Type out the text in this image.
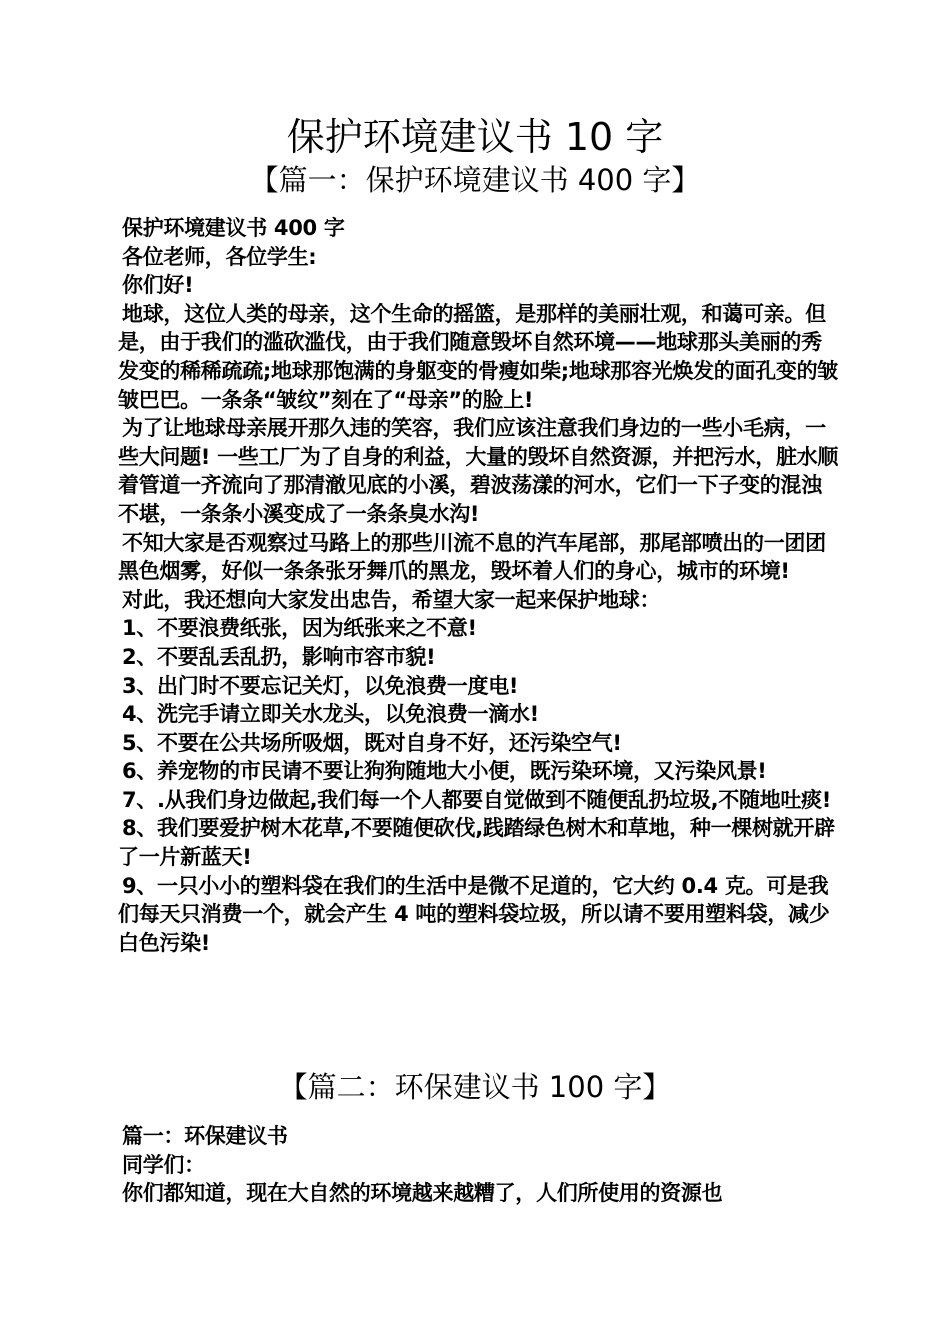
保护环境建议书 10 字
【篇一：保护环境建议书 400 字】

保护环境建议书 400 字

各位老师，各位学生:

你们好!

地球，这位人类的母亲，这个生命的摇篮，是那样的美丽壮观，和蔼可亲。但是，由于我们的滥砍滥伐，由于我们随意毁坏自然环境——地球那头美丽的秀发变的稀稀疏疏;地球那饱满的身躯变的骨瘦如柴;地球那容光焕发的面孔变的皱皱巴巴。一条条“皱纹”刻在了“母亲”的脸上!

为了让地球母亲展开那久违的笑容，我们应该注意我们身边的一些小毛病，一些大问题! 一些工厂为了自身的利益，大量的毁坏自然资源，并把污水，脏水顺着管道一齐流向了那清澈见底的小溪，碧波荡漾的河水，它们一下子变的混浊不堪，一条条小溪变成了一条条臭水沟!

不知大家是否观察过马路上的那些川流不息的汽车尾部，那尾部喷出的一团团黑色烟雾，好似一条条张牙舞爪的黑龙，毁坏着人们的身心，城市的环境!

对此，我还想向大家发出忠告，希望大家一起来保护地球：

1、不要浪费纸张，因为纸张来之不意!

2、不要乱丢乱扔，影响市容市貌!

3、出门时不要忘记关灯，以免浪费一度电!

4、洗完手请立即关水龙头，以免浪费一滴水!

5、不要在公共场所吸烟，既对自身不好，还污染空气!

6、养宠物的市民请不要让狗狗随地大小便，既污染环境，又污染风景!

7、.从我们身边做起,我们每一个人都要自觉做到不随便乱扔垃圾,不随地吐痰!

8、我们要爱护树木花草,不要随便砍伐,践踏绿色树木和草地，种一棵树就开辟了一片新蓝天!

9、一只小小的塑料袋在我们的生活中是微不足道的，它大约 0.4 克。可是我们每天只消费一个，就会产生 4 吨的塑料袋垃圾，所以请不要用塑料袋，减少白色污染!

【篇二：环保建议书 100 字】

篇一：环保建议书

同学们：

你们都知道，现在大自然的环境越来越糟了，人们所使用的资源也
